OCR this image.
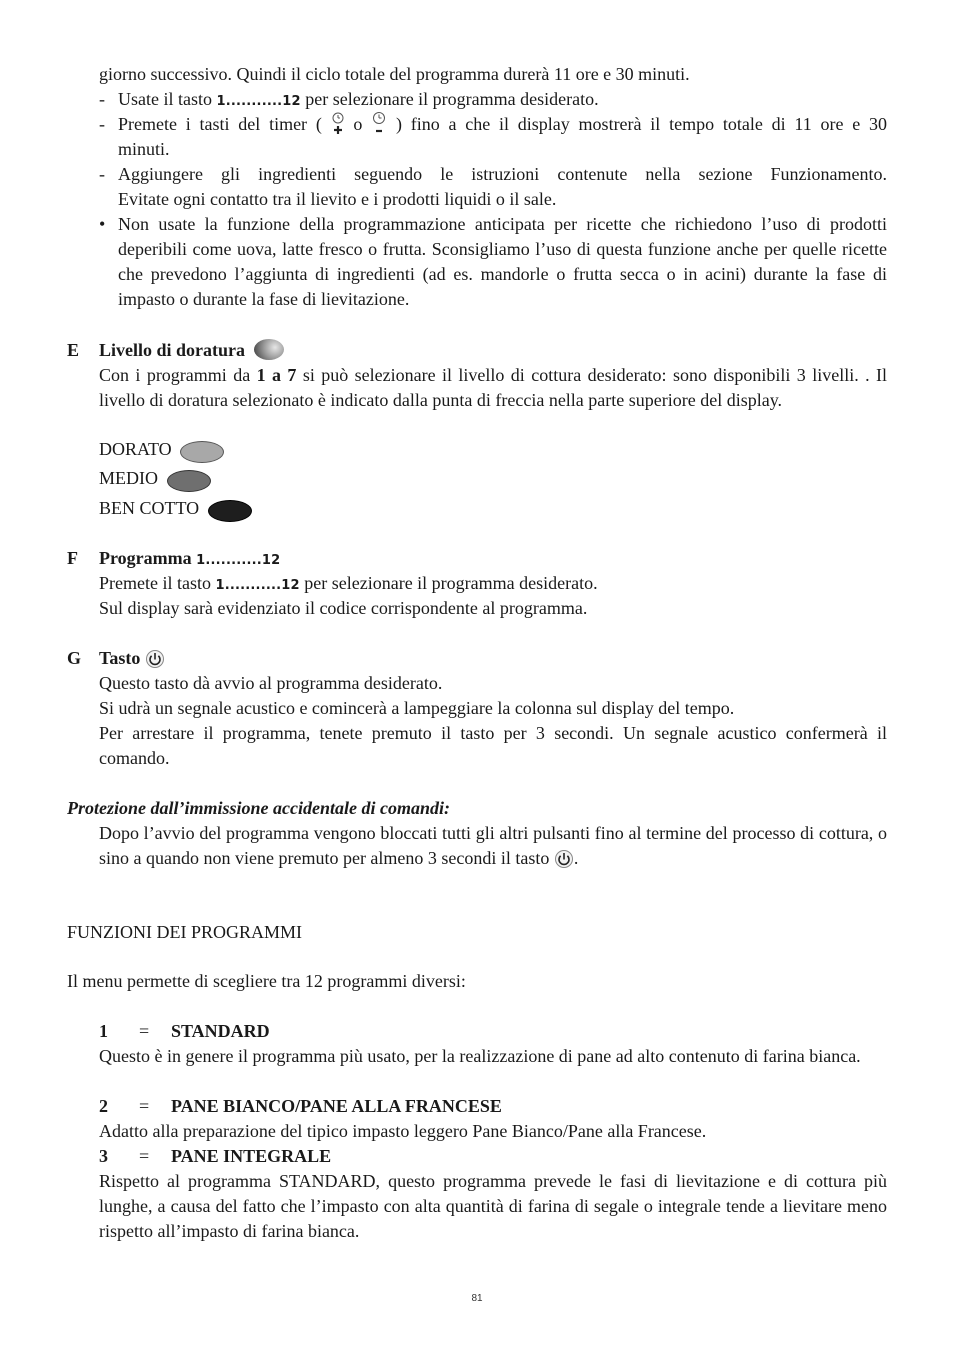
giorno successivo. Quindi il ciclo totale del programma durerà 11 ore e 30 minuti.

- Usate il tasto 1...........12 per selezionare il programma desiderato.

- Premete i tasti del timer ( o ) fino a che il display mostrerà il tempo totale di 11 ore e 30

minuti.

- Aggiungere gli ingredienti seguendo le istruzioni contenute nella sezione Funzionamento.

Evitate ogni contatto tra il lievito e i prodotti liquidi o il sale.

• Non usate la funzione della programmazione anticipata per ricette che richiedono l’uso di prodotti deperibili come uova, latte fresco o frutta. Sconsigliamo l’uso di questa funzione anche per quelle ricette che prevedono l’aggiunta di ingredienti (ad es. mandorle o frutta secca o in acini) durante la fase di impasto o durante la fase di lievitazione.

E Livello di doratura

Con i programmi da 1 a 7 si può selezionare il livello di cottura desiderato: sono disponibili 3 livelli. . Il livello di doratura selezionato è indicato dalla punta di freccia nella parte superiore del display.

DORATO

MEDIO

BEN COTTO

F Programma 1...........12

Premete il tasto 1...........12 per selezionare il programma desiderato.

Sul display sarà evidenziato il codice corrispondente al programma.

G Tasto

Questo tasto dà avvio al programma desiderato.

Si udrà un segnale acustico e comincerà a lampeggiare la colonna sul display del tempo.

Per arrestare il programma, tenete premuto il tasto per 3 secondi. Un segnale acustico confermerà il comando.

Protezione dall’immissione accidentale di comandi:

Dopo l’avvio del programma vengono bloccati tutti gli altri pulsanti fino al termine del processo di cottura, o sino a quando non viene premuto per almeno 3 secondi il tasto .

FUNZIONI DEI PROGRAMMI

Il menu permette di scegliere tra 12 programmi diversi:

1 = STANDARD

Questo è in genere il programma più usato, per la realizzazione di pane ad alto contenuto di farina bianca.

2 = PANE BIANCO/PANE ALLA FRANCESE

Adatto alla preparazione del tipico impasto leggero Pane Bianco/Pane alla Francese.

3 = PANE INTEGRALE

Rispetto al programma STANDARD, questo programma prevede le fasi di lievitazione e di cottura più lunghe, a causa del fatto che l’impasto con alta quantità di farina di segale o integrale tende a lievitare meno rispetto all’impasto di farina bianca.

81
